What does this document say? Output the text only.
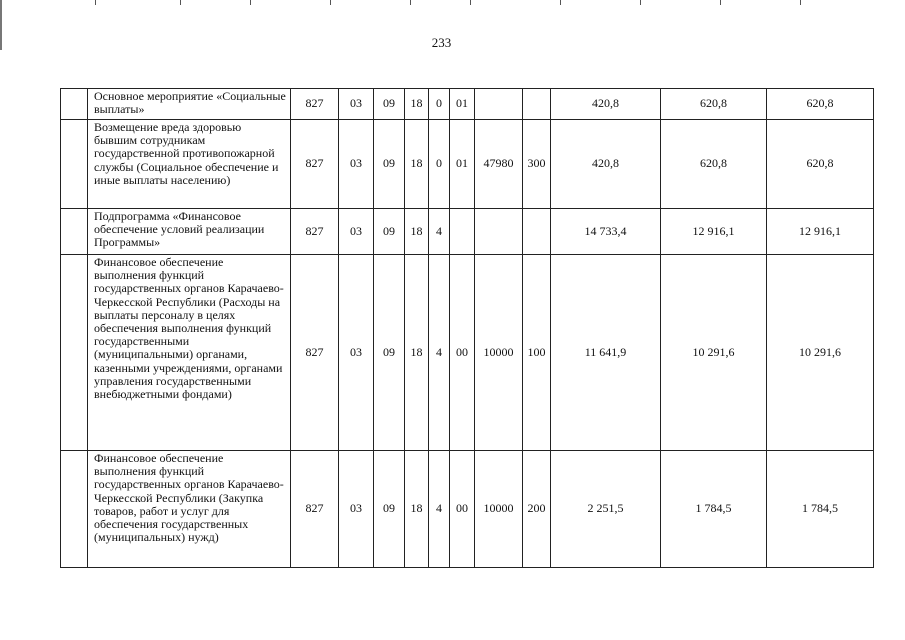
233
	Основное мероприятие «Социальные выплаты»	827	03	09	18	0	01			420,8	620,8	620,8
	Возмещение вреда здоровью бывшим сотрудникам государственной противопожарной службы (Социальное обеспечение и иные выплаты населению)	827	03	09	18	0	01	47980	300	420,8	620,8	620,8
	Подпрограмма «Финансовое обеспечение условий реализации Программы»	827	03	09	18	4				14 733,4	12 916,1	12 916,1
	Финансовое обеспечение выполнения функций государственных органов Карачаево-Черкесской Республики (Расходы на выплаты персоналу в целях обеспечения выполнения функций государственными (муниципальными) органами, казенными учреждениями, органами управления государственными внебюджетными фондами)	827	03	09	18	4	00	10000	100	11 641,9	10 291,6	10 291,6
	Финансовое обеспечение выполнения функций государственных органов Карачаево-Черкесской Республики (Закупка товаров, работ и услуг для обеспечения государственных (муниципальных) нужд)	827	03	09	18	4	00	10000	200	2 251,5	1 784,5	1 784,5
